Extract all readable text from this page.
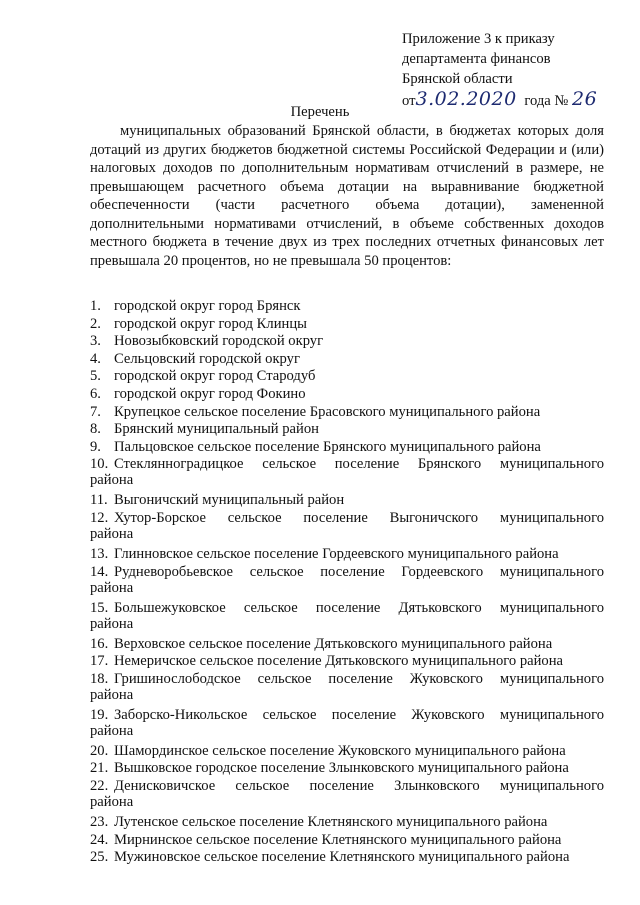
Приложение 3 к приказу
департамента финансов
Брянской области
от3.02.2020 года № 26
Перечень
муниципальных образований Брянской области, в бюджетах которых доля дотаций из других бюджетов бюджетной системы Российской Федерации и (или) налоговых доходов по дополнительным нормативам отчислений в размере, не превышающем расчетного объема дотации на выравнивание бюджетной обеспеченности (части расчетного объема дотации), замененной дополнительными нормативами отчислений, в объеме собственных доходов местного бюджета в течение двух из трех последних отчетных финансовых лет превышала 20 процентов, но не превышала 50 процентов:
1. городской округ город Брянск
2. городской округ город Клинцы
3. Новозыбковский городской округ
4. Сельцовский городской округ
5. городской округ город Стародуб
6. городской округ город Фокино
7. Крупецкое сельское поселение Брасовского муниципального района
8. Брянский муниципальный район
9. Пальцовское сельское поселение Брянского муниципального района
10. Стеклянноградицкое сельское поселение Брянского муниципального
района
11. Выгоничский муниципальный район
12. Хутор-Борское сельское поселение Выгоничского муниципального
района
13. Глинновское сельское поселение Гордеевского муниципального района
14. Рудневоробьевское сельское поселение Гордеевского муниципального
района
15. Большежуковское сельское поселение Дятьковского муниципального
района
16. Верховское сельское поселение Дятьковского муниципального района
17. Немеричское сельское поселение Дятьковского муниципального района
18. Гришинослободское сельское поселение Жуковского муниципального
района
19. Заборско-Никольское сельское поселение Жуковского муниципального
района
20. Шамординское сельское поселение Жуковского муниципального района
21. Вышковское городское поселение Злынковского муниципального района
22. Денисковичское сельское поселение Злынковского муниципального
района
23. Лутенское сельское поселение Клетнянского муниципального района
24. Мирнинское сельское поселение Клетнянского муниципального района
25. Мужиновское сельское поселение Клетнянского муниципального района
